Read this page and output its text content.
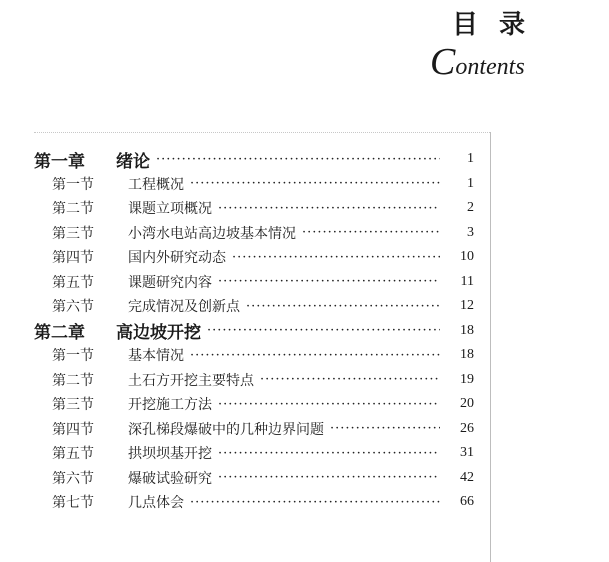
目 录
Contents
第一章	绪论 ·····	1
第一节	工程概况 ·····	1
第二节	课题立项概况 ·····	2
第三节	小湾水电站高边坡基本情况 ·····	3
第四节	国内外研究动态 ·····	10
第五节	课题研究内容 ·····	11
第六节	完成情况及创新点 ·····	12
第二章	高边坡开挖 ·····	18
第一节	基本情况 ·····	18
第二节	土石方开挖主要特点 ·····	19
第三节	开挖施工方法 ·····	20
第四节	深孔梯段爆破中的几种边界问题 ·····	26
第五节	拱坝坝基开挖 ·····	31
第六节	爆破试验研究 ·····	42
第七节	几点体会 ·····	66
